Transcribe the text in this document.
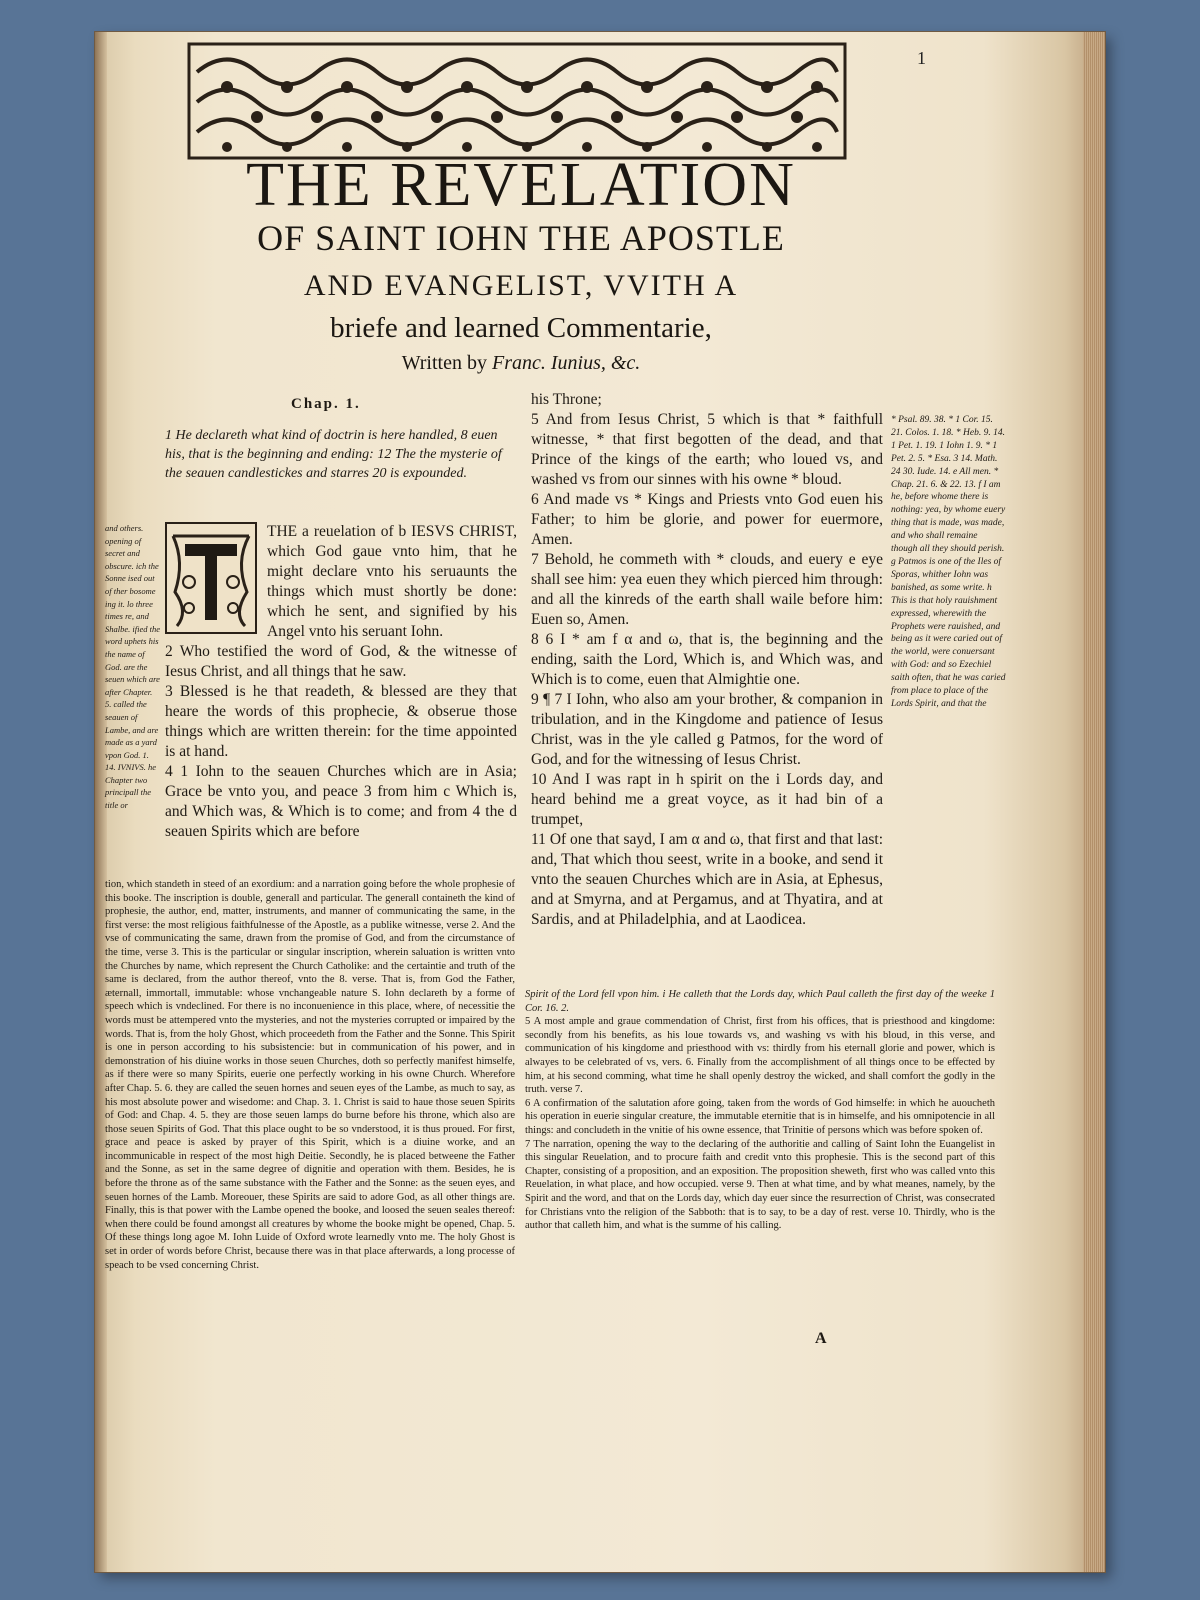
1
THE REVELATION
OF SAINT IOHN THE APOSTLE
AND EVANGELIST, VVITH A
briefe and learned Commentarie,
Written by Franc. Iunius, &c.
Chap. 1.
1 He declareth what kind of doctrin is here handled, 8 euen his, that is the beginning and ending: 12 The the mysterie of the seauen candlestickes and starres 20 is expounded.
and others. opening of secret and obscure. ich the Sonne ised out of ther bosome ing it. lo three times re, and Shalbe. ified the word uphets his the name of God. are the seuen which are after Chapter. 5. called the seauen of Lambe, and are made as a yard vpon God. 1. 14. IVNIVS. he Chapter two principall the title or

THE a reuelation of b IESVS CHRIST, which God gaue vnto him, that he might declare vnto his seruaunts the things which must shortly be done: which he sent, and signified by his Angel vnto his seruant Iohn.

2 Who testified the word of God, & the witnesse of Iesus Christ, and all things that he saw.

3 Blessed is he that readeth, & blessed are they that heare the words of this prophecie, & obserue those things which are written therein: for the time appointed is at hand.

4 1 Iohn to the seauen Churches which are in Asia; Grace be vnto you, and peace 3 from him c Which is, and Which was, & Which is to come; and from 4 the d seauen Spirits which are before

tion, which standeth in steed of an exordium: and a narration going before the whole prophesie of this booke. The inscription is double, generall and particular. The generall containeth the kind of prophesie, the author, end, matter, instruments, and manner of communicating the same, in the first verse: the most religious faithfulnesse of the Apostle, as a publike witnesse, verse 2. And the vse of communicating the same, drawn from the promise of God, and from the circumstance of the time, verse 3. This is the particular or singular inscription, wherein saluation is written vnto the Churches by name, which represent the Church Catholike: and the certaintie and truth of the same is declared, from the author thereof, vnto the 8. verse. That is, from God the Father, æternall, immortall, immutable: whose vnchangeable nature S. Iohn declareth by a forme of speech which is vndeclined. For there is no inconuenience in this place, where, of necessitie the words must be attempered vnto the mysteries, and not the mysteries corrupted or impaired by the words. That is, from the holy Ghost, which proceedeth from the Father and the Sonne. This Spirit is one in person according to his subsistencie: but in communication of his power, and in demonstration of his diuine works in those seuen Churches, doth so perfectly manifest himselfe, as if there were so many Spirits, euerie one perfectly working in his owne Church. Wherefore after Chap. 5. 6. they are called the seuen hornes and seuen eyes of the Lambe, as much to say, as his most absolute power and wisedome: and Chap. 3. 1. Christ is said to haue those seuen Spirits of God: and Chap. 4. 5. they are those seuen lamps do burne before his throne, which also are those seuen Spirits of God. That this place ought to be so vnderstood, it is thus proued. For first, grace and peace is asked by prayer of this Spirit, which is a diuine worke, and an incommunicable in respect of the most high Deitie. Secondly, he is placed betweene the Father and the Sonne, as set in the same degree of dignitie and operation with them. Besides, he is before the throne as of the same substance with the Father and the Sonne: as the seuen eyes, and seuen hornes of the Lamb. Moreouer, these Spirits are said to adore God, as all other things are. Finally, this is that power with the Lambe opened the booke, and loosed the seuen seales thereof: when there could be found amongst all creatures by whome the booke might be opened, Chap. 5. Of these things long agoe M. Iohn Luide of Oxford wrote learnedly vnto me. The holy Ghost is set in order of words before Christ, because there was in that place afterwards, a long processe of speach to be vsed concerning Christ.

his Throne;

5 And from Iesus Christ, 5 which is that * faithfull witnesse, * that first begotten of the dead, and that Prince of the kings of the earth; who loued vs, and washed vs from our sinnes with his owne * bloud.

6 And made vs * Kings and Priests vnto God euen his Father; to him be glorie, and power for euermore, Amen.

7 Behold, he commeth with * clouds, and euery e eye shall see him: yea euen they which pierced him through: and all the kinreds of the earth shall waile before him: Euen so, Amen.

8 6 I * am f α and ω, that is, the beginning and the ending, saith the Lord, Which is, and Which was, and Which is to come, euen that Almightie one.

9 ¶ 7 I Iohn, who also am your brother, & companion in tribulation, and in the Kingdome and patience of Iesus Christ, was in the yle called g Patmos, for the word of God, and for the witnessing of Iesus Christ.

10 And I was rapt in h spirit on the i Lords day, and heard behind me a great voyce, as it had bin of a trumpet,

11 Of one that sayd, I am α and ω, that first and that last: and, That which thou seest, write in a booke, and send it vnto the seauen Churches which are in Asia, at Ephesus, and at Smyrna, and at Pergamus, and at Thyatira, and at Sardis, and at Philadelphia, and at Laodicea.

* Psal. 89. 38. * 1 Cor. 15. 21. Colos. 1. 18. * Heb. 9. 14. 1 Pet. 1. 19. 1 Iohn 1. 9. * 1 Pet. 2. 5. * Esa. 3 14. Math. 24 30. Iude. 14. e All men. * Chap. 21. 6. & 22. 13. f I am he, before whome there is nothing: yea, by whome euery thing that is made, was made, and who shall remaine though all they should perish. g Patmos is one of the Iles of Sporas, whither Iohn was banished, as some write. h This is that holy rauishment expressed, wherewith the Prophets were rauished, and being as it were caried out of the world, were conuersant with God: and so Ezechiel saith often, that he was caried from place to place of the Lords Spirit, and that the

Spirit of the Lord fell vpon him. i He calleth that the Lords day, which Paul calleth the first day of the weeke 1 Cor. 16. 2.

5 A most ample and graue commendation of Christ, first from his offices, that is priesthood and kingdome: secondly from his benefits, as his loue towards vs, and washing vs with his bloud, in this verse, and communication of his kingdome and priesthood with vs: thirdly from his eternall glorie and power, which is alwayes to be celebrated of vs, vers. 6. Finally from the accomplishment of all things once to be effected by him, at his second comming, what time he shall openly destroy the wicked, and shall comfort the godly in the truth. verse 7.

6 A confirmation of the salutation afore going, taken from the words of God himselfe: in which he auoucheth his operation in euerie singular creature, the immutable eternitie that is in himselfe, and his omnipotencie in all things: and concludeth in the vnitie of his owne essence, that Trinitie of persons which was before spoken of.

7 The narration, opening the way to the declaring of the authoritie and calling of Saint Iohn the Euangelist in this singular Reuelation, and to procure faith and credit vnto this prophesie. This is the second part of this Chapter, consisting of a proposition, and an exposition. The proposition sheweth, first who was called vnto this Reuelation, in what place, and how occupied. verse 9. Then at what time, and by what meanes, namely, by the Spirit and the word, and that on the Lords day, which day euer since the resurrection of Christ, was consecrated for Christians vnto the religion of the Sabboth: that is to say, to be a day of rest. verse 10. Thirdly, who is the author that calleth him, and what is the summe of his calling.

A
